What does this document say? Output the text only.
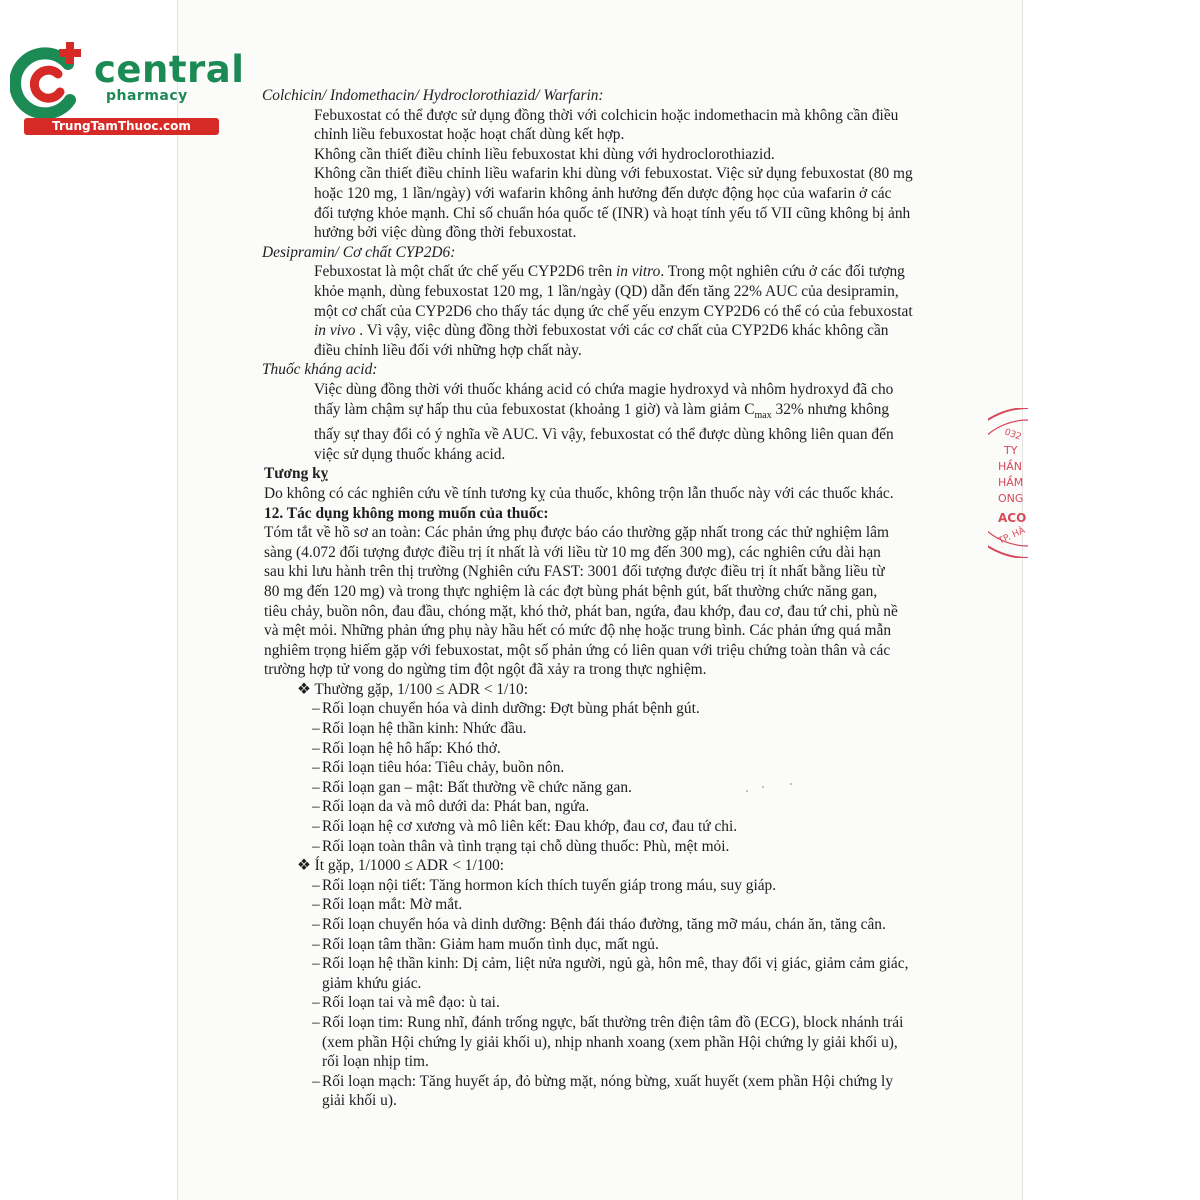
central
pharmacy
TrungTamThuoc.com
032
TY
HẦN
HẦM
ONG
ACO
TP. HÀ
Colchicin/ Indomethacin/ Hydroclorothiazid/ Warfarin:
Febuxostat có thể được sử dụng đồng thời với colchicin hoặc indomethacin mà không cần điều
chỉnh liều febuxostat hoặc hoạt chất dùng kết hợp.
Không cần thiết điều chỉnh liều febuxostat khi dùng với hydroclorothiazid.
Không cần thiết điều chỉnh liều wafarin khi dùng với febuxostat. Việc sử dụng febuxostat (80 mg
hoặc 120 mg, 1 lần/ngày) với wafarin không ảnh hưởng đến dược động học của wafarin ở các
đối tượng khỏe mạnh. Chỉ số chuẩn hóa quốc tế (INR) và hoạt tính yếu tố VII cũng không bị ảnh
hưởng bởi việc dùng đồng thời febuxostat.
Desipramin/ Cơ chất CYP2D6:
Febuxostat là một chất ức chế yếu CYP2D6 trên in vitro. Trong một nghiên cứu ở các đối tượng
khỏe mạnh, dùng febuxostat 120 mg, 1 lần/ngày (QD) dẫn đến tăng 22% AUC của desipramin,
một cơ chất của CYP2D6 cho thấy tác dụng ức chế yếu enzym CYP2D6 có thể có của febuxostat
in vivo . Vì vậy, việc dùng đồng thời febuxostat với các cơ chất của CYP2D6 khác không cần
điều chỉnh liều đối với những hợp chất này.
Thuốc kháng acid:
Việc dùng đồng thời với thuốc kháng acid có chứa magie hydroxyd và nhôm hydroxyd đã cho
thấy làm chậm sự hấp thu của febuxostat (khoảng 1 giờ) và làm giảm $C_{max}$ 32% nhưng không
thấy sự thay đổi có ý nghĩa về AUC. Vì vậy, febuxostat có thể được dùng không liên quan đến
việc sử dụng thuốc kháng acid.
Tương kỵ
Do không có các nghiên cứu về tính tương kỵ của thuốc, không trộn lẫn thuốc này với các thuốc khác.
12. Tác dụng không mong muốn của thuốc:
Tóm tắt về hồ sơ an toàn: Các phản ứng phụ được báo cáo thường gặp nhất trong các thử nghiệm lâm
sàng (4.072 đối tượng được điều trị ít nhất là với liều từ 10 mg đến 300 mg), các nghiên cứu dài hạn
sau khi lưu hành trên thị trường (Nghiên cứu FAST: 3001 đối tượng được điều trị ít nhất bằng liều từ
80 mg đến 120 mg) và trong thực nghiệm là các đợt bùng phát bệnh gút, bất thường chức năng gan,
tiêu chảy, buồn nôn, đau đầu, chóng mặt, khó thở, phát ban, ngứa, đau khớp, đau cơ, đau tứ chi, phù nề
và mệt mỏi. Những phản ứng phụ này hầu hết có mức độ nhẹ hoặc trung bình. Các phản ứng quá mẫn
nghiêm trọng hiếm gặp với febuxostat, một số phản ứng có liên quan với triệu chứng toàn thân và các
trường hợp tử vong do ngừng tim đột ngột đã xảy ra trong thực nghiệm.
❖ Thường gặp, 1/100 ≤ ADR < 1/10:
– Rối loạn chuyển hóa và dinh dưỡng: Đợt bùng phát bệnh gút.
– Rối loạn hệ thần kinh: Nhức đầu.
– Rối loạn hệ hô hấp: Khó thở.
– Rối loạn tiêu hóa: Tiêu chảy, buồn nôn.
– Rối loạn gan – mật: Bất thường về chức năng gan.
– Rối loạn da và mô dưới da: Phát ban, ngứa.
– Rối loạn hệ cơ xương và mô liên kết: Đau khớp, đau cơ, đau tứ chi.
– Rối loạn toàn thân và tình trạng tại chỗ dùng thuốc: Phù, mệt mỏi.
❖ Ít gặp, 1/1000 ≤ ADR < 1/100:
– Rối loạn nội tiết: Tăng hormon kích thích tuyến giáp trong máu, suy giáp.
– Rối loạn mắt: Mờ mắt.
– Rối loạn chuyển hóa và dinh dưỡng: Bệnh đái tháo đường, tăng mỡ máu, chán ăn, tăng cân.
– Rối loạn tâm thần: Giảm ham muốn tình dục, mất ngủ.
– Rối loạn hệ thần kinh: Dị cảm, liệt nửa người, ngủ gà, hôn mê, thay đổi vị giác, giảm cảm giác,
giảm khứu giác.
– Rối loạn tai và mê đạo: ù tai.
– Rối loạn tim: Rung nhĩ, đánh trống ngực, bất thường trên điện tâm đồ (ECG), block nhánh trái
(xem phần Hội chứng ly giải khối u), nhịp nhanh xoang (xem phần Hội chứng ly giải khối u),
rối loạn nhịp tim.
– Rối loạn mạch: Tăng huyết áp, đỏ bừng mặt, nóng bừng, xuất huyết (xem phần Hội chứng ly
giải khối u).
